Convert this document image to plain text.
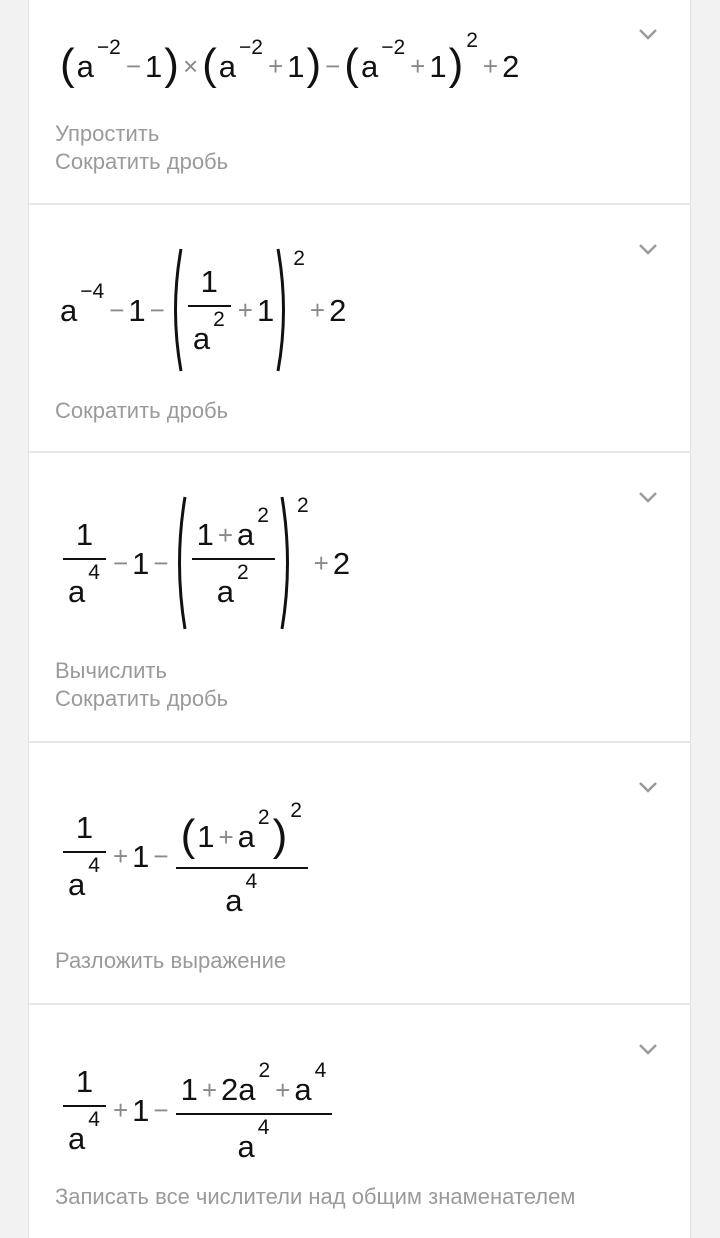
( a
−2
− 1 ) × ( a
−2
+ 1 ) − ( a
−2
+ 1 ) 2
+ 2
Упростить
Сократить дробь
a
−4
− 1 − 1
a
2 + 1
2
+ 2
Сократить дробь
1
a
4 − 1 − 1 + a
2
a
2
2
+ 2
Вычислить
Сократить дробь
1
a
4 + 1 − ( 1 + a
2 ) 2
a
4
Разложить выражение
1
a
4 + 1 −
1 + 2a
2
+ a
4
a
4
Записать все числители над общим знаменателем
